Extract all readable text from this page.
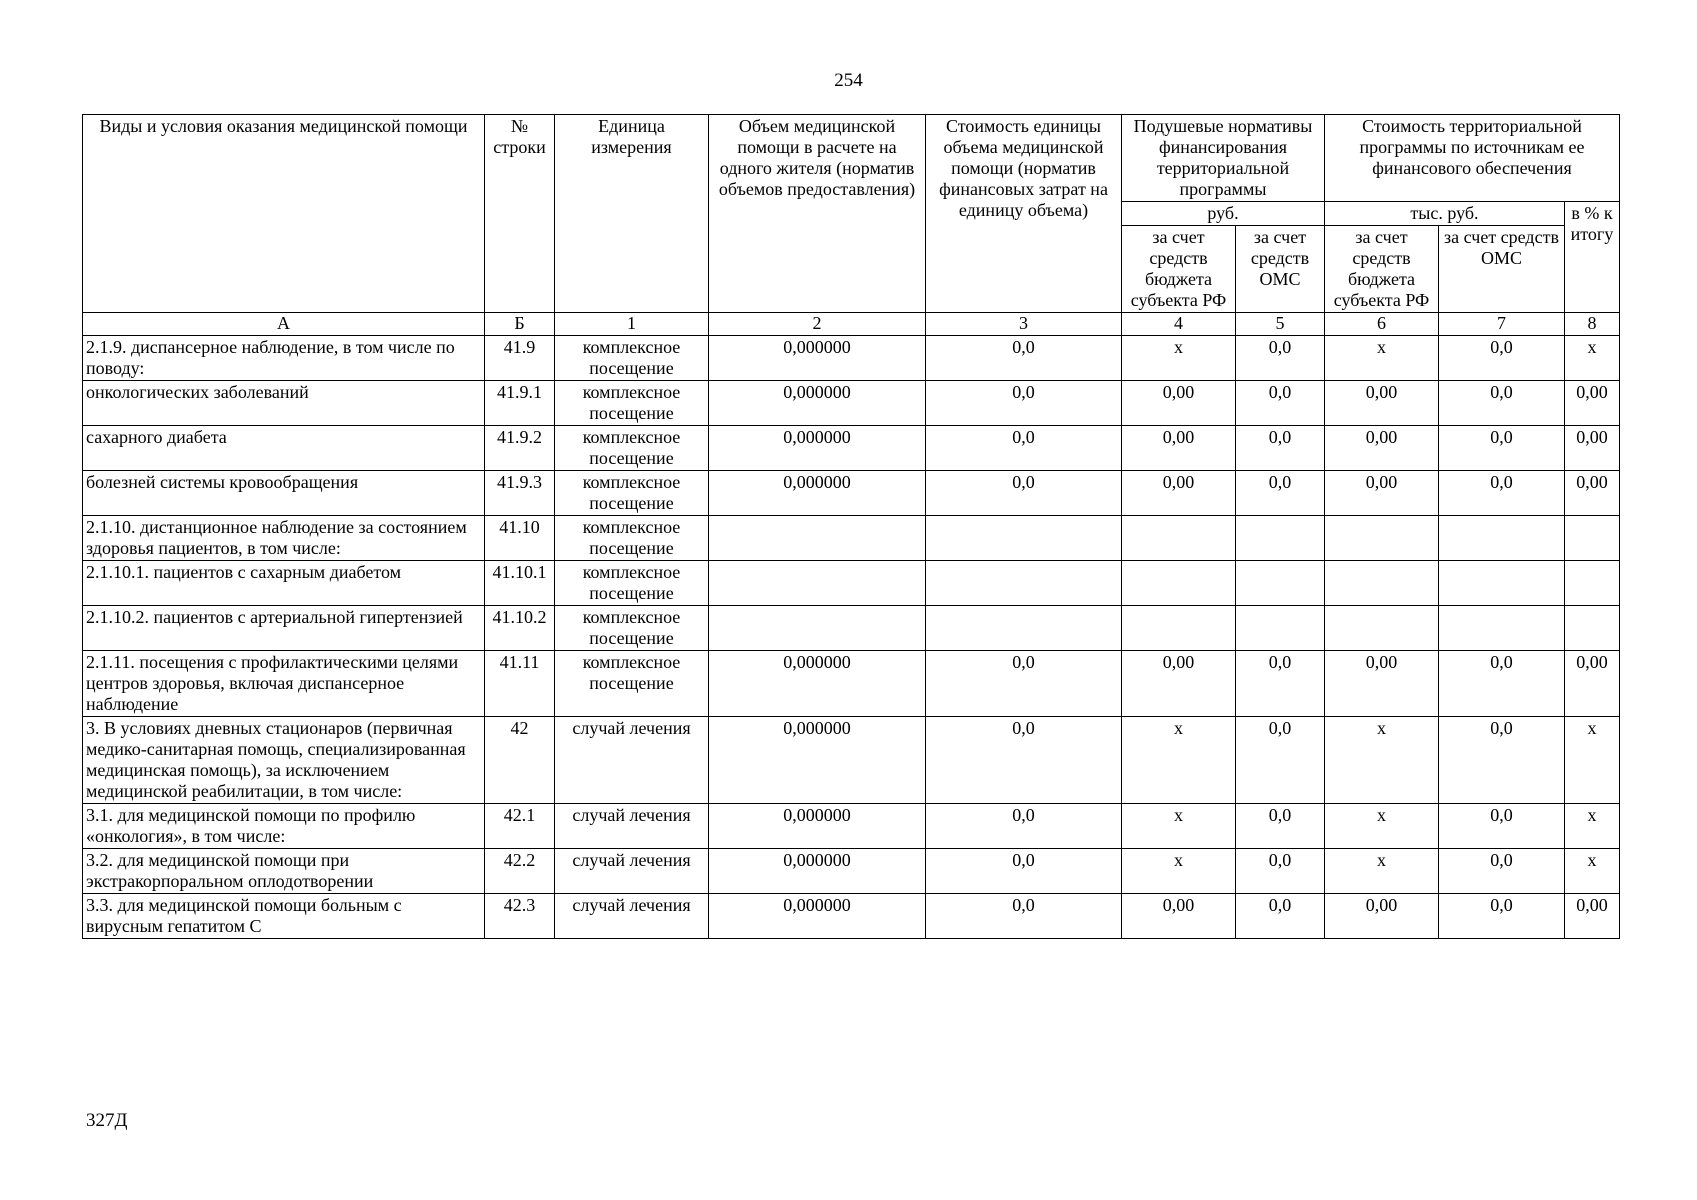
254
Виды и условия оказания медицинской помощи	№ строки	Единица измерения	Объем медицинской помощи в расчете на одного жителя (норматив объемов предоставления)	Стоимость единицы объема медицинской помощи (норматив финансовых затрат на единицу объема)	Подушевые нормативы финансирования территориальной программы		Стоимость территориальной программы по источникам ее финансового обеспечения		
					руб.		тыс. руб.		в % к итогу
					за счет средств бюджета субъекта РФ	за счет средств ОМС	за счет средств бюджета субъекта РФ	за счет средств ОМС	
А	Б	1	2	3	4	5	6	7	8
2.1.9. диспансерное наблюдение, в том числе по поводу:	41.9	комплексное посещение	0,000000	0,0	х	0,0	х	0,0	х
онкологических заболеваний	41.9.1	комплексное посещение	0,000000	0,0	0,00	0,0	0,00	0,0	0,00
сахарного диабета	41.9.2	комплексное посещение	0,000000	0,0	0,00	0,0	0,00	0,0	0,00
болезней системы кровообращения	41.9.3	комплексное посещение	0,000000	0,0	0,00	0,0	0,00	0,0	0,00
2.1.10. дистанционное наблюдение за состоянием здоровья пациентов, в том числе:	41.10	комплексное посещение							
2.1.10.1. пациентов с сахарным диабетом	41.10.1	комплексное посещение							
2.1.10.2. пациентов с артериальной гипертензией	41.10.2	комплексное посещение							
2.1.11. посещения с профилактическими целями центров здоровья, включая диспансерное наблюдение	41.11	комплексное посещение	0,000000	0,0	0,00	0,0	0,00	0,0	0,00
3. В условиях дневных стационаров (первичная медико-санитарная помощь, специализированная медицинская помощь), за исключением медицинской реабилитации, в том числе:	42	случай лечения	0,000000	0,0	х	0,0	х	0,0	х
3.1. для медицинской помощи по профилю «онкология», в том числе:	42.1	случай лечения	0,000000	0,0	х	0,0	х	0,0	х
3.2. для медицинской помощи при экстракорпоральном оплодотворении	42.2	случай лечения	0,000000	0,0	х	0,0	х	0,0	х
3.3. для медицинской помощи больным с вирусным гепатитом С	42.3	случай лечения	0,000000	0,0	0,00	0,0	0,00	0,0	0,00
327Д
